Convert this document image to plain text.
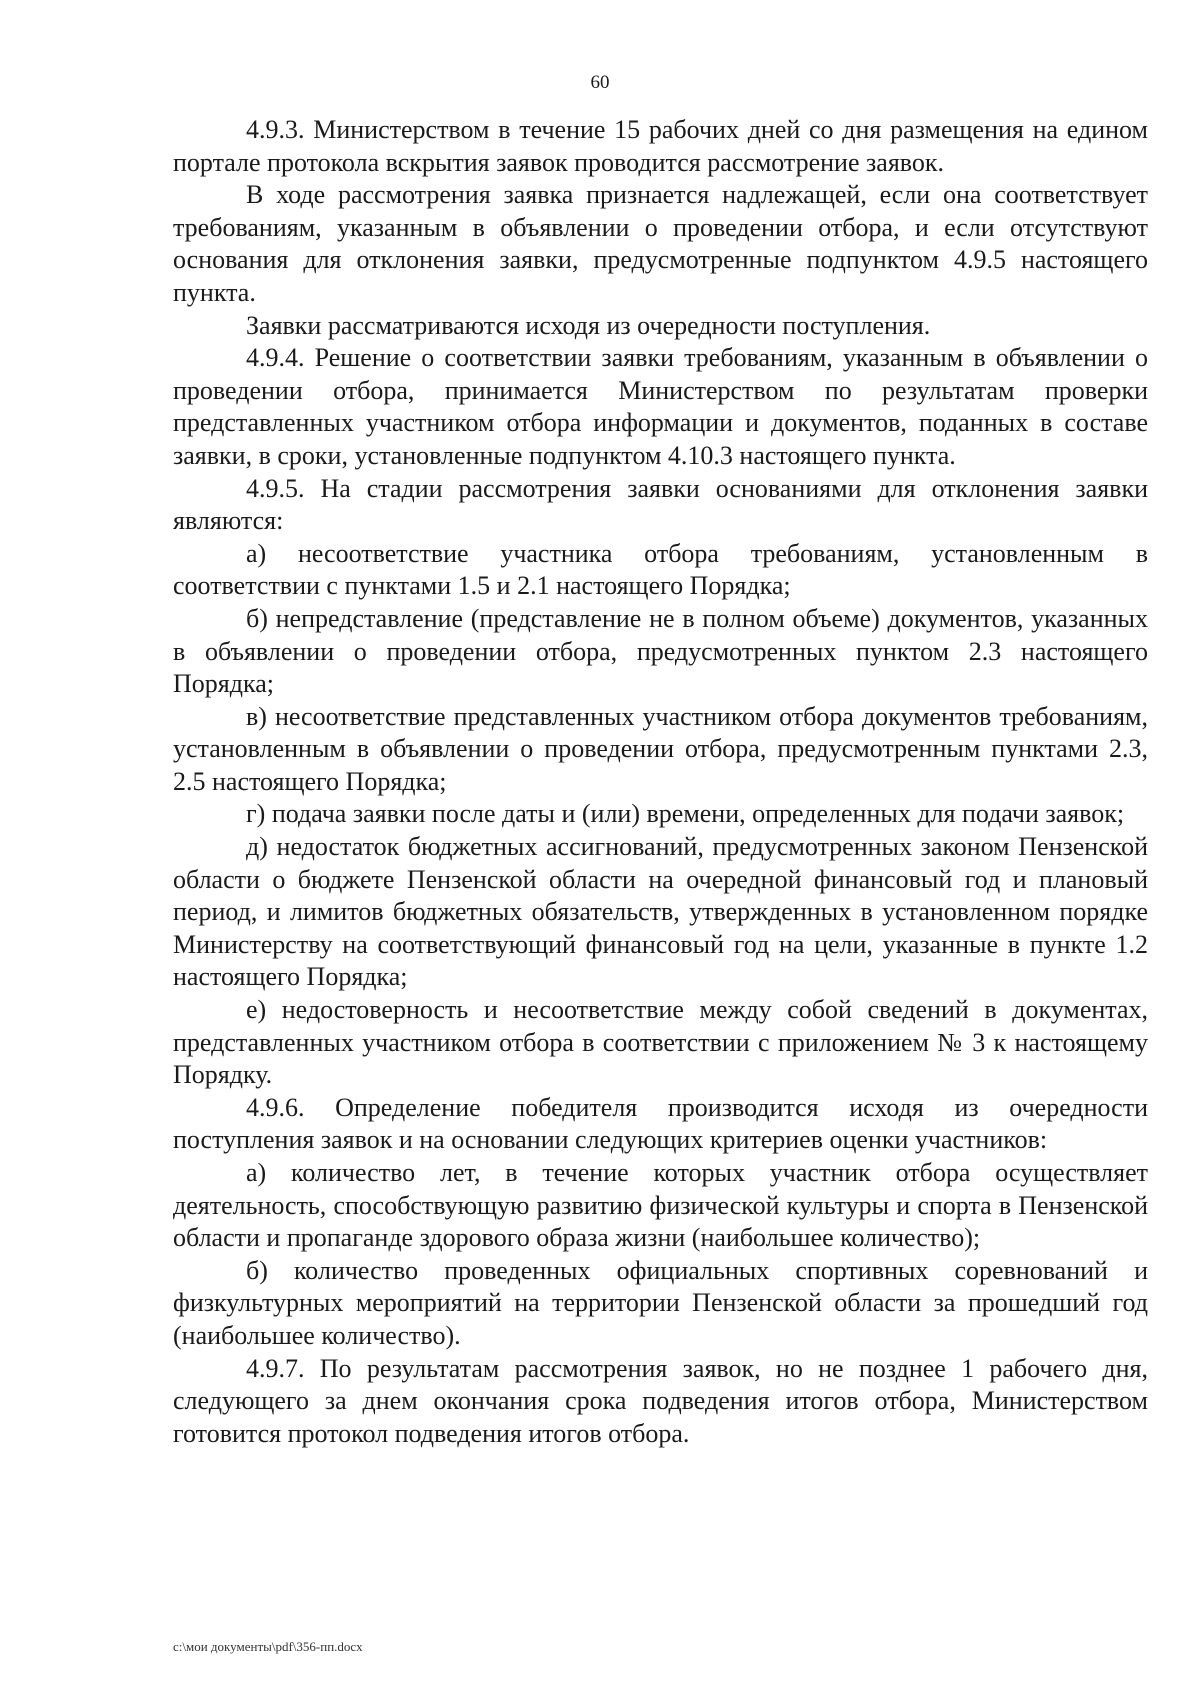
60

4.9.3. Министерством в течение 15 рабочих дней со дня размещения на едином портале протокола вскрытия заявок проводится рассмотрение заявок.

В ходе рассмотрения заявка признается надлежащей, если она соответствует требованиям, указанным в объявлении о проведении отбора, и если отсутствуют основания для отклонения заявки, предусмотренные подпунктом 4.9.5 настоящего пункта.

Заявки рассматриваются исходя из очередности поступления.

4.9.4. Решение о соответствии заявки требованиям, указанным в объявлении о проведении отбора, принимается Министерством по результатам проверки представленных участником отбора информации и документов, поданных в составе заявки, в сроки, установленные подпунктом 4.10.3 настоящего пункта.

4.9.5. На стадии рассмотрения заявки основаниями для отклонения заявки являются:

а) несоответствие участника отбора требованиям, установленным в соответствии с пунктами 1.5 и 2.1 настоящего Порядка;

б) непредставление (представление не в полном объеме) документов, указанных в объявлении о проведении отбора, предусмотренных пунктом 2.3 настоящего Порядка;

в) несоответствие представленных участником отбора документов требованиям, установленным в объявлении о проведении отбора, предусмотренным пунктами 2.3, 2.5 настоящего Порядка;

г) подача заявки после даты и (или) времени, определенных для подачи заявок;

д) недостаток бюджетных ассигнований, предусмотренных законом Пензенской области о бюджете Пензенской области на очередной финансовый год и плановый период, и лимитов бюджетных обязательств, утвержденных в установленном порядке Министерству на соответствующий финансовый год на цели, указанные в пункте 1.2 настоящего Порядка;

е) недостоверность и несоответствие между собой сведений в документах, представленных участником отбора в соответствии с приложением № 3 к настоящему Порядку.

4.9.6. Определение победителя производится исходя из очередности поступления заявок и на основании следующих критериев оценки участников:

а) количество лет, в течение которых участник отбора осуществляет деятельность, способствующую развитию физической культуры и спорта в Пензенской области и пропаганде здорового образа жизни (наибольшее количество);

б) количество проведенных официальных спортивных соревнований и физкультурных мероприятий на территории Пензенской области за прошедший год (наибольшее количество).

4.9.7. По результатам рассмотрения заявок, но не позднее 1 рабочего дня, следующего за днем окончания срока подведения итогов отбора, Министерством готовится протокол подведения итогов отбора.

c:\мои документы\pdf\356-пп.docx
